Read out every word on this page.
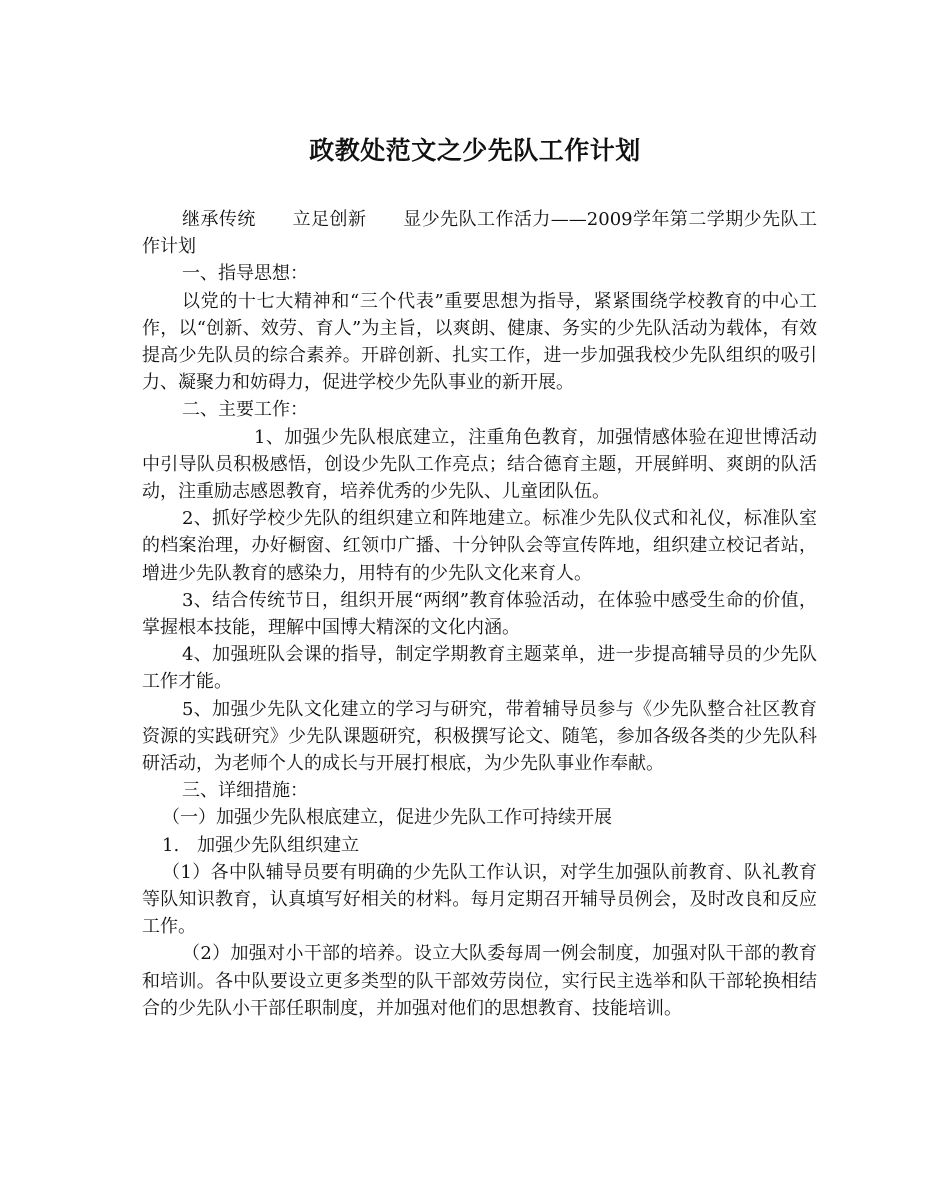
政教处范文之少先队工作计划

继承传统　　立足创新　　显少先队工作活力——2009学年第二学期少先队工作计划

一、指导思想：

以党的十七大精神和“三个代表”重要思想为指导，紧紧围绕学校教育的中心工作，以“创新、效劳、育人”为主旨，以爽朗、健康、务实的少先队活动为载体，有效提高少先队员的综合素养。开辟创新、扎实工作，进一步加强我校少先队组织的吸引力、凝聚力和妨碍力，促进学校少先队事业的新开展。

二、主要工作：

1、加强少先队根底建立，注重角色教育，加强情感体验在迎世博活动中引导队员积极感悟，创设少先队工作亮点；结合德育主题，开展鲜明、爽朗的队活动，注重励志感恩教育，培养优秀的少先队、儿童团队伍。

2、抓好学校少先队的组织建立和阵地建立。标准少先队仪式和礼仪，标准队室的档案治理，办好橱窗、红领巾广播、十分钟队会等宣传阵地，组织建立校记者站，增进少先队教育的感染力，用特有的少先队文化来育人。

3、结合传统节日，组织开展“两纲”教育体验活动，在体验中感受生命的价值，掌握根本技能，理解中国博大精深的文化内涵。

4、加强班队会课的指导，制定学期教育主题菜单，进一步提高辅导员的少先队工作才能。

5、加强少先队文化建立的学习与研究，带着辅导员参与《少先队整合社区教育资源的实践研究》少先队课题研究，积极撰写论文、随笔，参加各级各类的少先队科研活动，为老师个人的成长与开展打根底，为少先队事业作奉献。

三、详细措施：

（一）加强少先队根底建立，促进少先队工作可持续开展

1.　加强少先队组织建立

（1）各中队辅导员要有明确的少先队工作认识，对学生加强队前教育、队礼教育等队知识教育，认真填写好相关的材料。每月定期召开辅导员例会，及时改良和反应工作。

（2）加强对小干部的培养。设立大队委每周一例会制度，加强对队干部的教育和培训。各中队要设立更多类型的队干部效劳岗位，实行民主选举和队干部轮换相结合的少先队小干部任职制度，并加强对他们的思想教育、技能培训。
